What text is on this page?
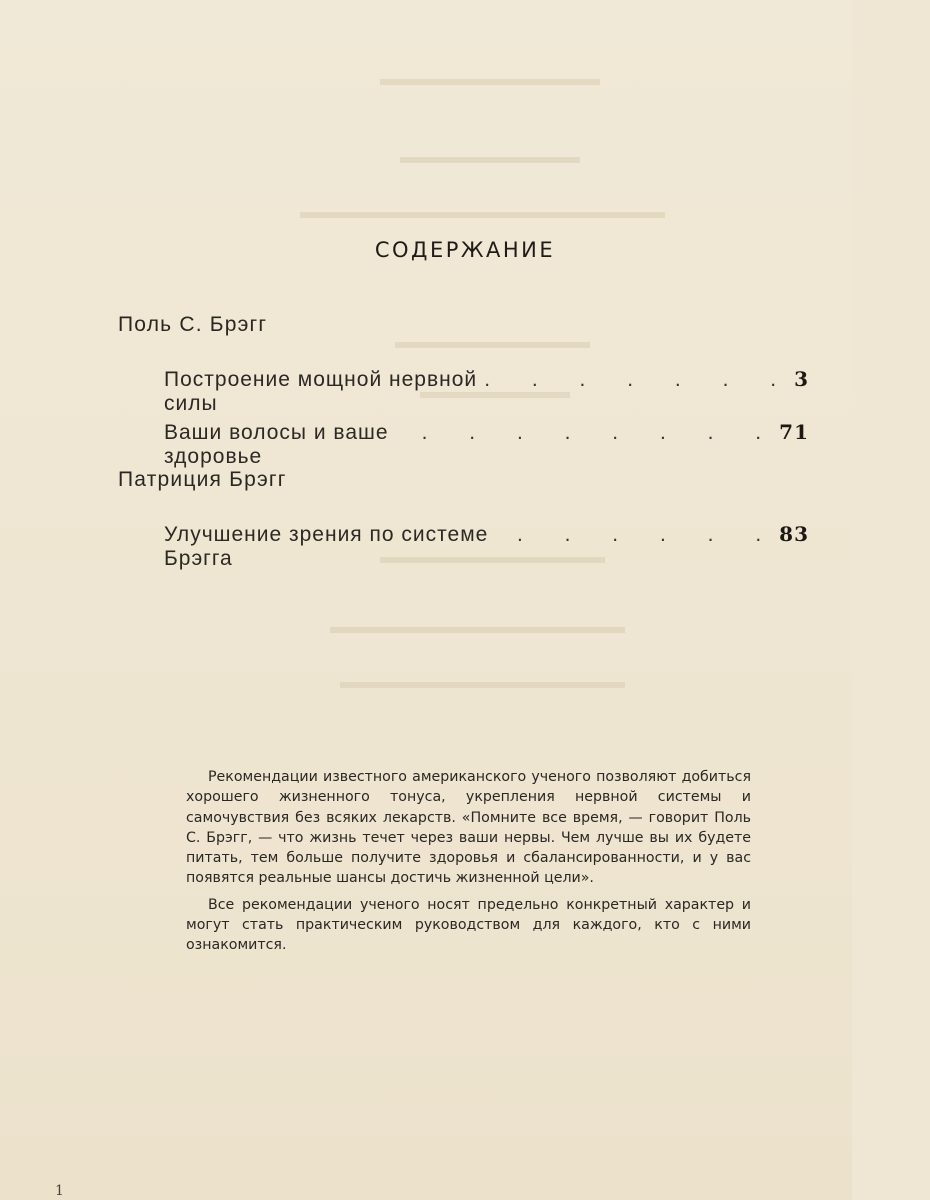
СОДЕРЖАНИЕ
Поль С. Брэгг
Построение мощной нервной силы
. . . . . . . 3
Ваши волосы и ваше здоровье
. . . . . . . . 71
Патриция Брэгг
Улучшение зрения по системе Брэгга
. . . . . . 83

Рекомендации известного американского ученого позволяют добиться хорошего жизненного тонуса, укрепления нервной системы и самочувствия без всяких лекарств. «Помните все время, — говорит Поль С. Брэгг, — что жизнь течет через ваши нервы. Чем лучше вы их будете питать, тем больше получите здоровья и сбалансированности, и у вас появятся реальные шансы достичь жизненной цели».

Все рекомендации ученого носят предельно конкретный характер и могут стать практическим руководством для каждого, кто с ними ознакомится.

1
